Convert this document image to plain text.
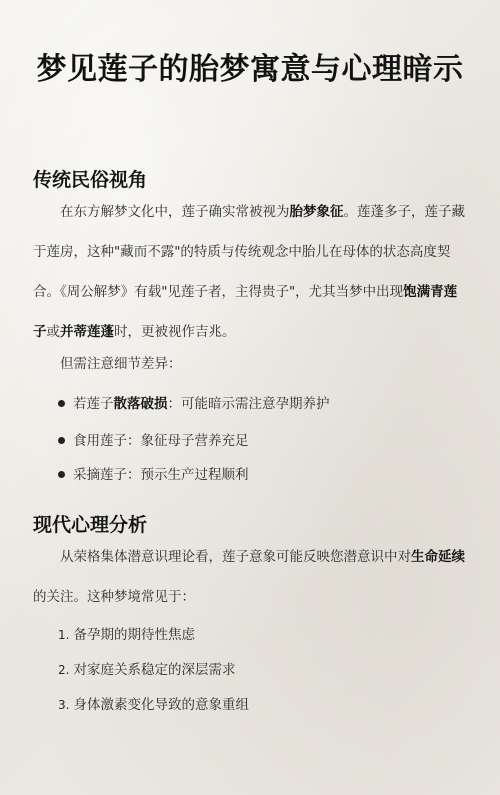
梦见莲子的胎梦寓意与心理暗示
传统民俗视角

在东方解梦文化中，莲子确实常被视为胎梦象征。莲蓬多子，莲子藏于莲房，这种"藏而不露"的特质与传统观念中胎儿在母体的状态高度契合。《周公解梦》有载"见莲子者，主得贵子"，尤其当梦中出现饱满青莲子或并蒂莲蓬时，更被视作吉兆。

但需注意细节差异：

若莲子散落破损：可能暗示需注意孕期养护
食用莲子：象征母子营养充足
采摘莲子：预示生产过程顺利
现代心理分析

从荣格集体潜意识理论看，莲子意象可能反映您潜意识中对生命延续的关注。这种梦境常见于：

1. 备孕期的期待性焦虑
2. 对家庭关系稳定的深层需求
3. 身体激素变化导致的意象重组
